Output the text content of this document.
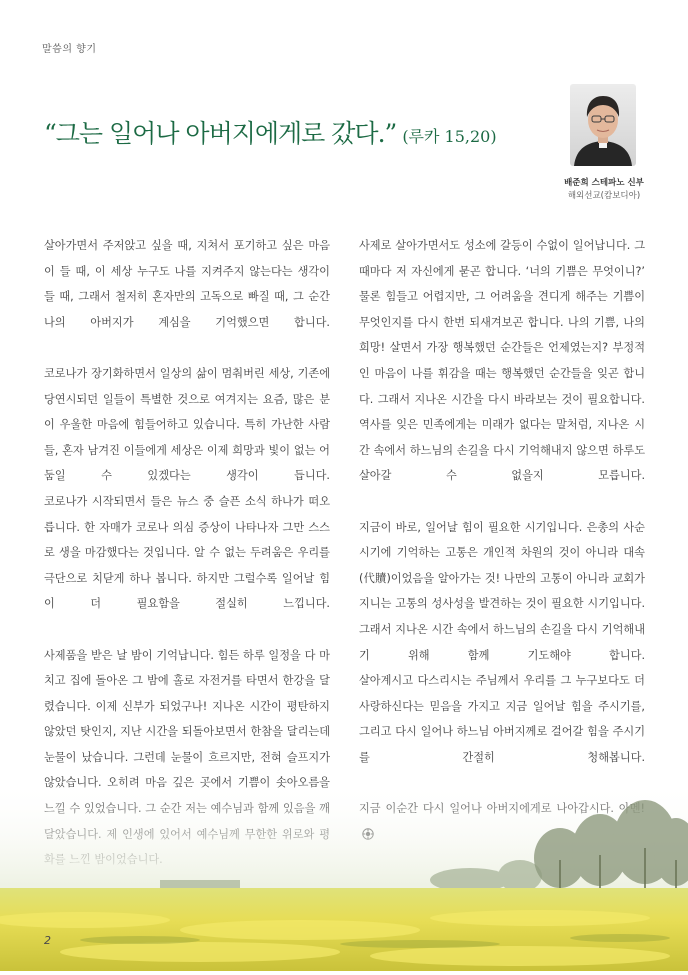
말씀의 향기
“그는 일어나 아버지에게로 갔다.” (루카 15,20)
배준희 스테파노 신부
해외선교(캄보디아)

살아가면서 주저앉고 싶을 때, 지쳐서 포기하고 싶은 마음이 들 때, 이 세상 누구도 나를 지켜주지 않는다는 생각이 들 때, 그래서 철저히 혼자만의 고독으로 빠질 때, 그 순간 나의 아버지가 계심을 기억했으면 합니다.

코로나가 장기화하면서 일상의 삶이 멈춰버린 세상, 기존에 당연시되던 일들이 특별한 것으로 여겨지는 요즘, 많은 분이 우울한 마음에 힘들어하고 있습니다. 특히 가난한 사람들, 혼자 남겨진 이들에게 세상은 이제 희망과 빛이 없는 어둠일 수 있겠다는 생각이 듭니다.

코로나가 시작되면서 들은 뉴스 중 슬픈 소식 하나가 떠오릅니다. 한 자매가 코로나 의심 증상이 나타나자 그만 스스로 생을 마감했다는 것입니다. 알 수 없는 두려움은 우리를 극단으로 치닫게 하나 봅니다. 하지만 그럴수록 일어날 힘이 더 필요함을 절실히 느낍니다.

사제품을 받은 날 밤이 기억납니다. 힘든 하루 일정을 다 마치고 집에 돌아온 그 밤에 홀로 자전거를 타면서 한강을 달렸습니다. 이제 신부가 되었구나! 지나온 시간이 평탄하지 않았던 탓인지, 지난 시간을 되돌아보면서 한참을 달리는데 눈물이 났습니다. 그런데 눈물이 흐르지만, 전혀 슬프지가

사제로 살아가면서도 성소에 갈등이 수없이 일어납니다. 그때마다 저 자신에게 묻곤 합니다. ‘너의 기쁨은 무엇이니?’ 물론 힘들고 어렵지만, 그 어려움을 견디게 해주는 기쁨이 무엇인지를 다시 한번 되새겨보곤 합니다. 나의 기쁨, 나의 희망! 살면서 가장 행복했던 순간들은 언제였는지? 부정적인 마음이 나를 휘감을 때는 행복했던 순간들을 잊곤 합니다. 그래서 지나온 시간을 다시 바라보는 것이 필요합니다. 역사를 잊은 민족에게는 미래가 없다는 말처럼, 지나온 시간 속에서 하느님의 손길을 다시 기억해내지 않으면 하루도 살아갈 수 없을지 모릅니다.

지금이 바로, 일어날 힘이 필요한 시기입니다. 은총의 사순 시기에 기억하는 고통은 개인적 차원의 것이 아니라 대속(代贖)이었음을 알아가는 것! 나만의 고통이 아니라 교회가 지니는 고통의 성사성을 발견하는 것이 필요한 시기입니다. 그래서 지나온 시간 속에서 하느님의 손길을 다시 기억해내기 위해 함께 기도해야 합니다.

살아계시고 다스리시는 주님께서 우리를 그 누구보다도 더 사랑하신다는 믿음을 가지고 지금 일어날 힘을 주시기를, 그리고 다시 일어나 하느님 아버지께로 걸어갈 힘을 주시기를 간절히 청해봅니다.

2
